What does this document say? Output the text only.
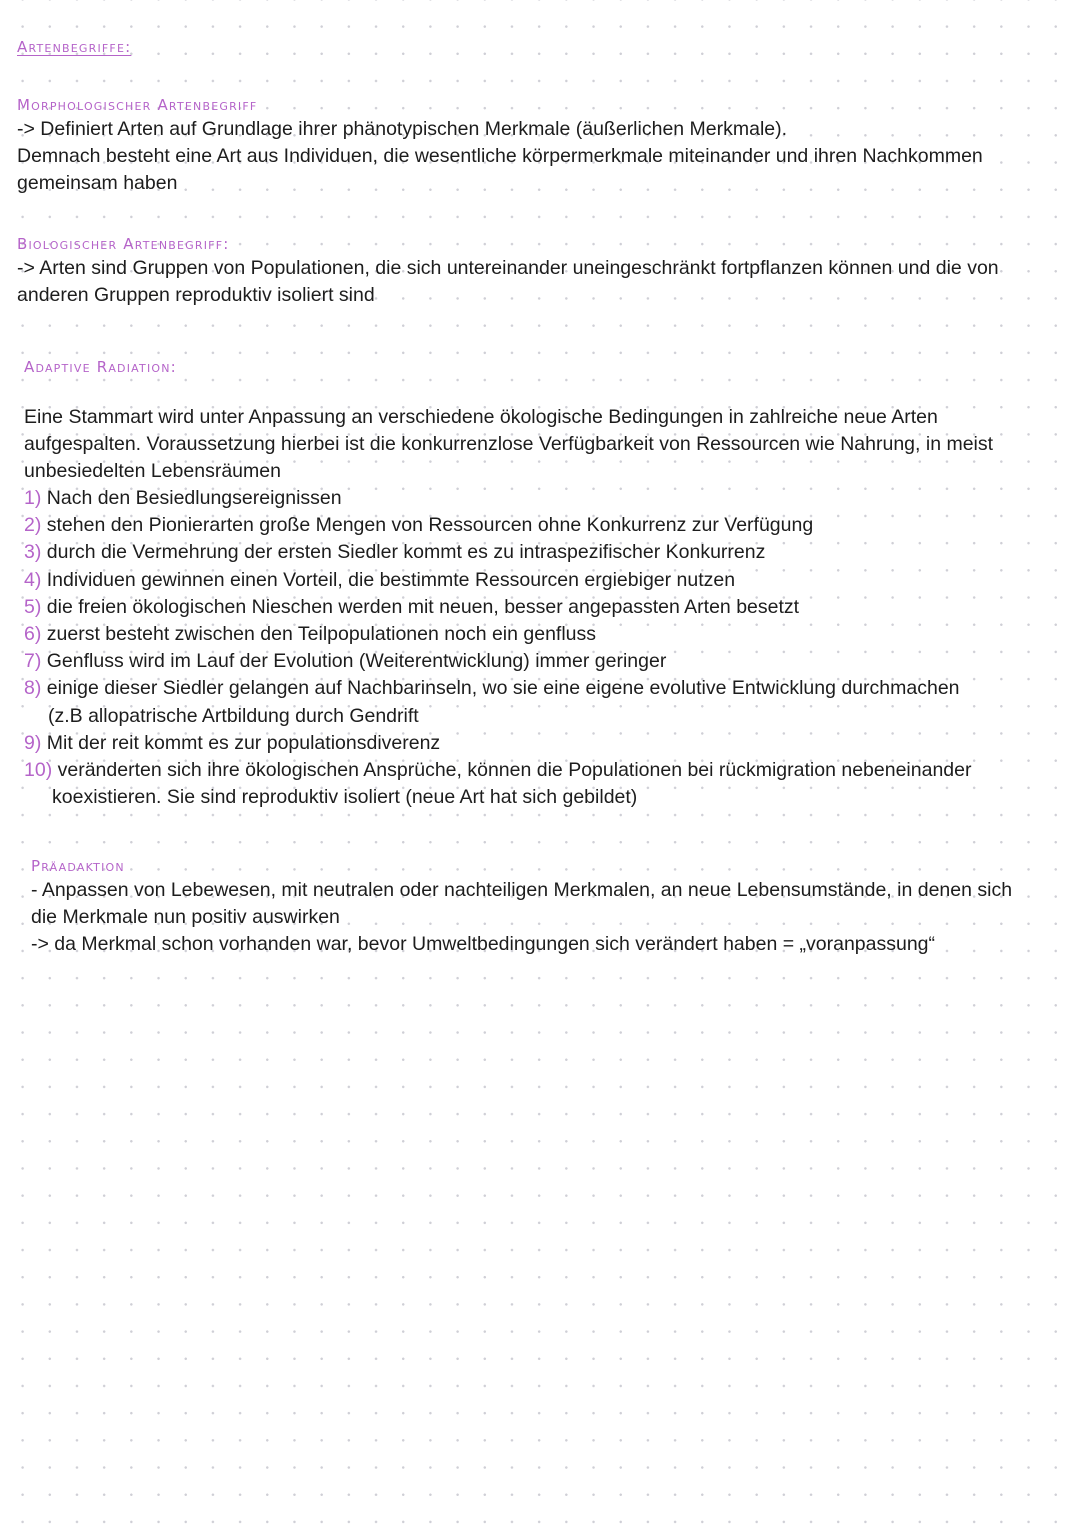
Artenbegriffe:
Morphologischer Artenbegriff
-> Definiert Arten auf Grundlage ihrer phänotypischen Merkmale (äußerlichen Merkmale).
Demnach besteht eine Art aus Individuen, die wesentliche körpermerkmale miteinander und ihren Nachkommen
gemeinsam haben
Biologischer Artenbegriff:
-> Arten sind Gruppen von Populationen, die sich untereinander uneingeschränkt fortpflanzen können und die von
anderen Gruppen reproduktiv isoliert sind
Adaptive Radiation:
Eine Stammart wird unter Anpassung an verschiedene ökologische Bedingungen in zahlreiche neue Arten
aufgespalten. Voraussetzung hierbei ist die konkurrenzlose Verfügbarkeit von Ressourcen wie Nahrung, in meist
unbesiedelten Lebensräumen
1) Nach den Besiedlungsereignissen
2) stehen den Pionierarten große Mengen von Ressourcen ohne Konkurrenz zur Verfügung
3) durch die Vermehrung der ersten Siedler kommt es zu intraspezifischer Konkurrenz
4) Individuen gewinnen einen Vorteil, die bestimmte Ressourcen ergiebiger nutzen
5) die freien ökologischen Nieschen werden mit neuen, besser angepassten Arten besetzt
6) zuerst besteht zwischen den Teilpopulationen noch ein genfluss
7) Genfluss wird im Lauf der Evolution (Weiterentwicklung) immer geringer
8) einige dieser Siedler gelangen auf Nachbarinseln, wo sie eine eigene evolutive Entwicklung durchmachen
(z.B allopatrische Artbildung durch Gendrift
9) Mit der reit kommt es zur populationsdiverenz
10) veränderten sich ihre ökologischen Ansprüche, können die Populationen bei rückmigration nebeneinander
koexistieren. Sie sind reproduktiv isoliert (neue Art hat sich gebildet)
Präadaktion
- Anpassen von Lebewesen, mit neutralen oder nachteiligen Merkmalen, an neue Lebensumstände, in denen sich
die Merkmale nun positiv auswirken
-> da Merkmal schon vorhanden war, bevor Umweltbedingungen sich verändert haben = „voranpassung“
